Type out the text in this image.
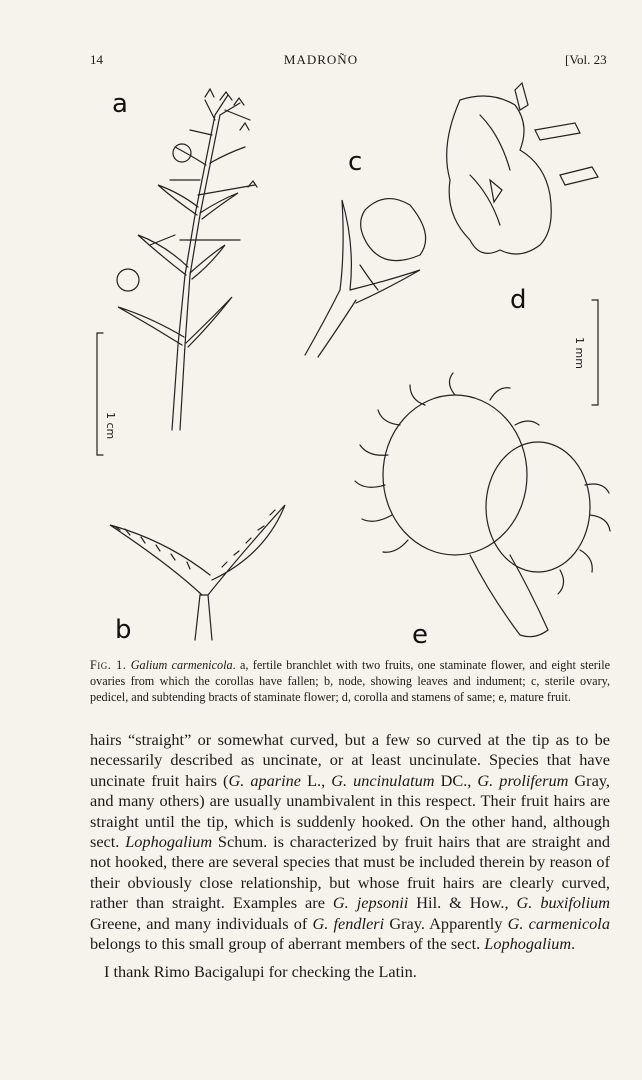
14	MADROÑO	[Vol. 23
a
c
d
b	e
1 cm
1 mm
Fig. 1. Galium carmenicola. a, fertile branchlet with two fruits, one staminate flower, and eight sterile ovaries from which the corollas have fallen; b, node, showing leaves and indument; c, sterile ovary, pedicel, and subtending bracts of staminate flower; d, corolla and stamens of same; e, mature fruit.

hairs “straight” or somewhat curved, but a few so curved at the tip as to be necessarily described as uncinate, or at least uncinulate. Species that have uncinate fruit hairs (G. aparine L., G. uncinulatum DC., G. proliferum Gray, and many others) are usually unambivalent in this respect. Their fruit hairs are straight until the tip, which is suddenly hooked. On the other hand, although sect. Lophogalium Schum. is characterized by fruit hairs that are straight and not hooked, there are several species that must be included therein by reason of their obviously close relationship, but whose fruit hairs are clearly curved, rather than straight. Examples are G. jepsonii Hil. & How., G. buxifolium Greene, and many individuals of G. fendleri Gray. Apparently G. carmenicola belongs to this small group of aberrant members of the sect. Lophogalium.

I thank Rimo Bacigalupi for checking the Latin.
